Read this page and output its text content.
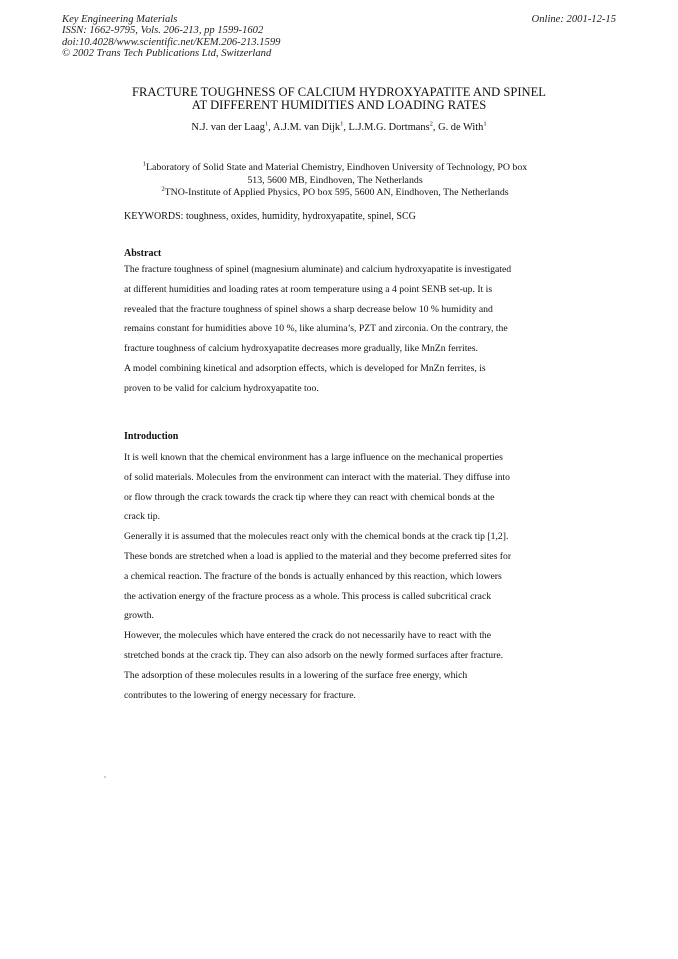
Key Engineering Materials
ISSN: 1662-9795, Vols. 206-213, pp 1599-1602
doi:10.4028/www.scientific.net/KEM.206-213.1599
© 2002 Trans Tech Publications Ltd, Switzerland
Online: 2001-12-15
FRACTURE TOUGHNESS OF CALCIUM HYDROXYAPATITE AND SPINEL
AT DIFFERENT HUMIDITIES AND LOADING RATES
N.J. van der Laag$^1$, A.J.M. van Dijk$^1$, L.J.M.G. Dortmans$^2$, G. de With$^1$
$^1$Laboratory of Solid State and Material Chemistry, Eindhoven University of Technology, PO box
513, 5600 MB, Eindhoven, The Netherlands
$^2$TNO-Institute of Applied Physics, PO box 595, 5600 AN, Eindhoven, The Netherlands
KEYWORDS: toughness, oxides, humidity, hydroxyapatite, spinel, SCG
Abstract
The fracture toughness of spinel (magnesium aluminate) and calcium hydroxyapatite is investigated
at different humidities and loading rates at room temperature using a 4 point SENB set-up. It is
revealed that the fracture toughness of spinel shows a sharp decrease below 10 % humidity and
remains constant for humidities above 10 %, like alumina’s, PZT and zirconia. On the contrary, the
fracture toughness of calcium hydroxyapatite decreases more gradually, like MnZn ferrites.
A model combining kinetical and adsorption effects, which is developed for MnZn ferrites, is
proven to be valid for calcium hydroxyapatite too.
Introduction
It is well known that the chemical environment has a large influence on the mechanical properties
of solid materials. Molecules from the environment can interact with the material. They diffuse into
or flow through the crack towards the crack tip where they can react with chemical bonds at the
crack tip.
Generally it is assumed that the molecules react only with the chemical bonds at the crack tip [1,2].
These bonds are stretched when a load is applied to the material and they become preferred sites for
a chemical reaction. The fracture of the bonds is actually enhanced by this reaction, which lowers
the activation energy of the fracture process as a whole. This process is called subcritical crack
growth.
However, the molecules which have entered the crack do not necessarily have to react with the
stretched bonds at the crack tip. They can also adsorb on the newly formed surfaces after fracture.
The adsorption of these molecules results in a lowering of the surface free energy, which
contributes to the lowering of energy necessary for fracture.
